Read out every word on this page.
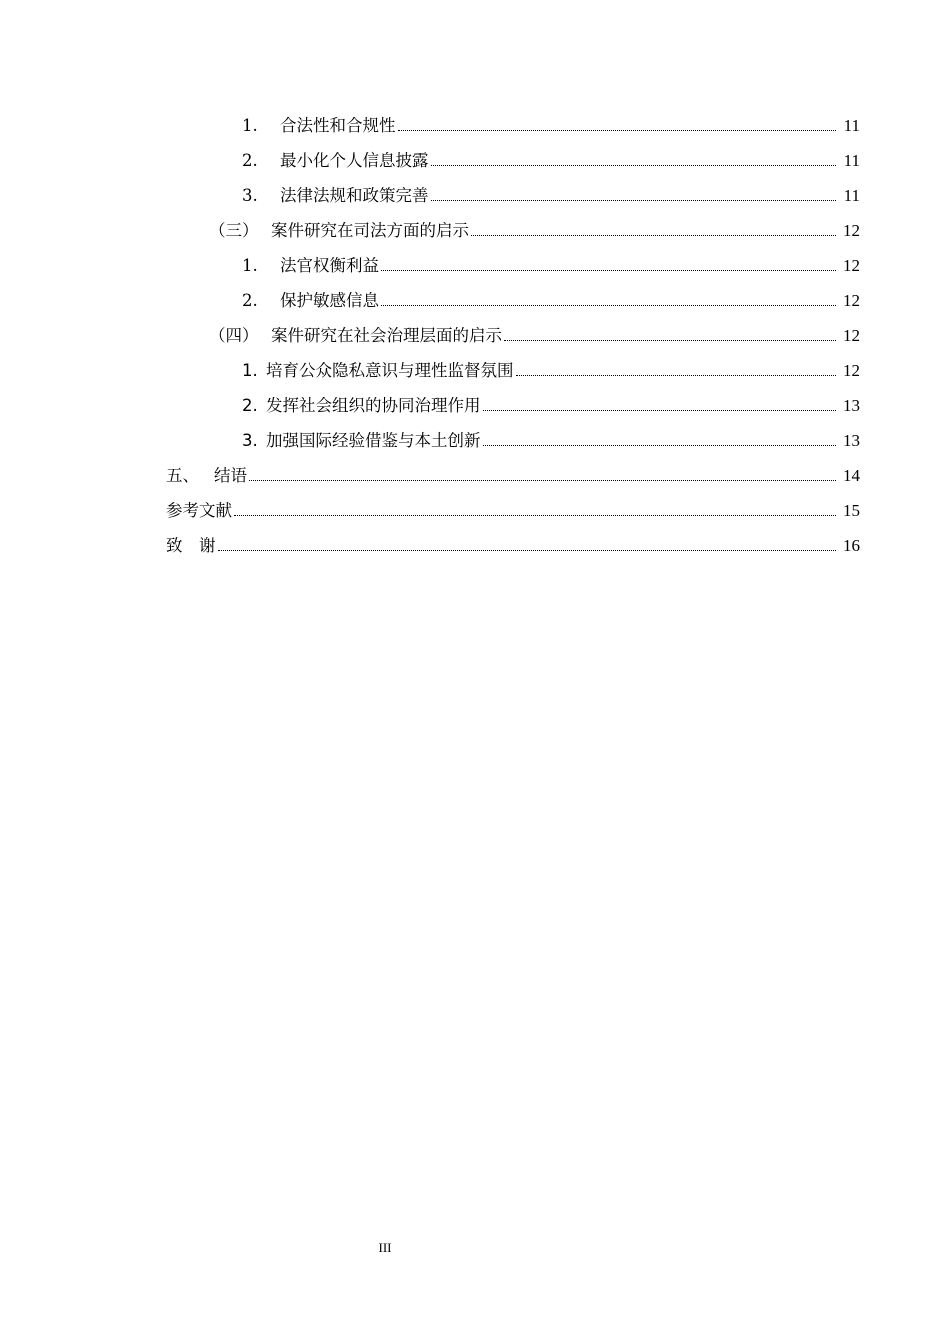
1.	合法性和合规性	11
2.	最小化个人信息披露	11
3.	法律法规和政策完善	11
（三） 案件研究在司法方面的启示	12
1.	法官权衡利益	12
2.	保护敏感信息	12
（四） 案件研究在社会治理层面的启示	12
1. 培育公众隐私意识与理性监督氛围	12
2. 发挥社会组织的协同治理作用	13
3. 加强国际经验借鉴与本土创新	13
五、 结语	14
参考文献	15
致　谢	16
III
